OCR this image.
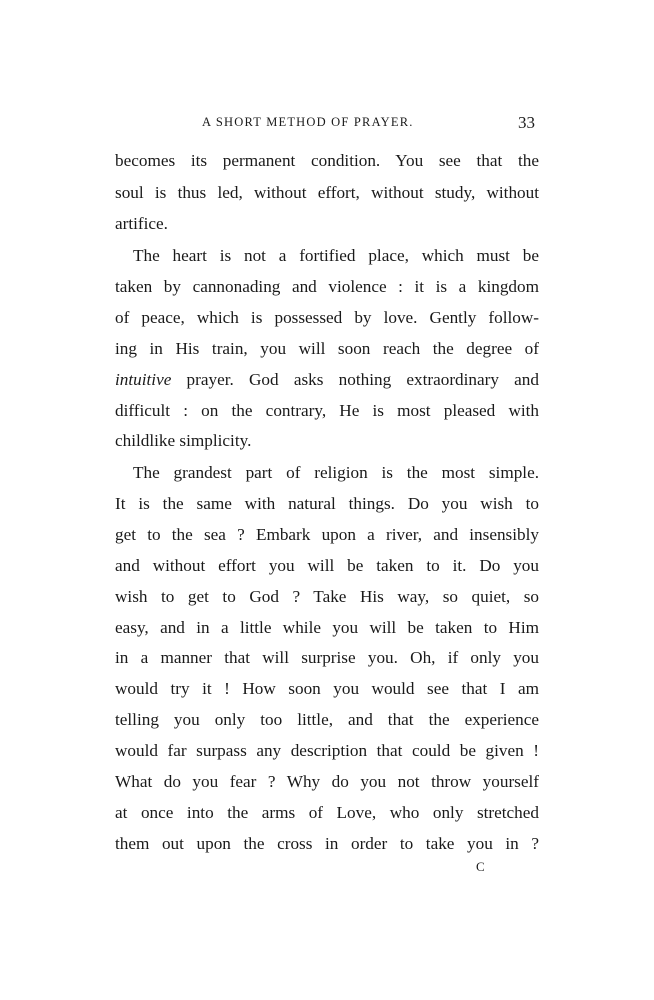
A SHORT METHOD OF PRAYER.	33
becomes its permanent condition. You see that the
soul is thus led, without effort, without study, without
artifice.
The heart is not a fortified place, which must be
taken by cannonading and violence : it is a kingdom
of peace, which is possessed by love. Gently follow-
ing in His train, you will soon reach the degree of
intuitive prayer. God asks nothing extraordinary and
difficult : on the contrary, He is most pleased with
childlike simplicity.
The grandest part of religion is the most simple.
It is the same with natural things. Do you wish to
get to the sea ? Embark upon a river, and insensibly
and without effort you will be taken to it. Do you
wish to get to God ? Take His way, so quiet, so
easy, and in a little while you will be taken to Him
in a manner that will surprise you. Oh, if only you
would try it ! How soon you would see that I am
telling you only too little, and that the experience
would far surpass any description that could be given !
What do you fear ? Why do you not throw yourself
at once into the arms of Love, who only stretched
them out upon the cross in order to take you in ?
C
